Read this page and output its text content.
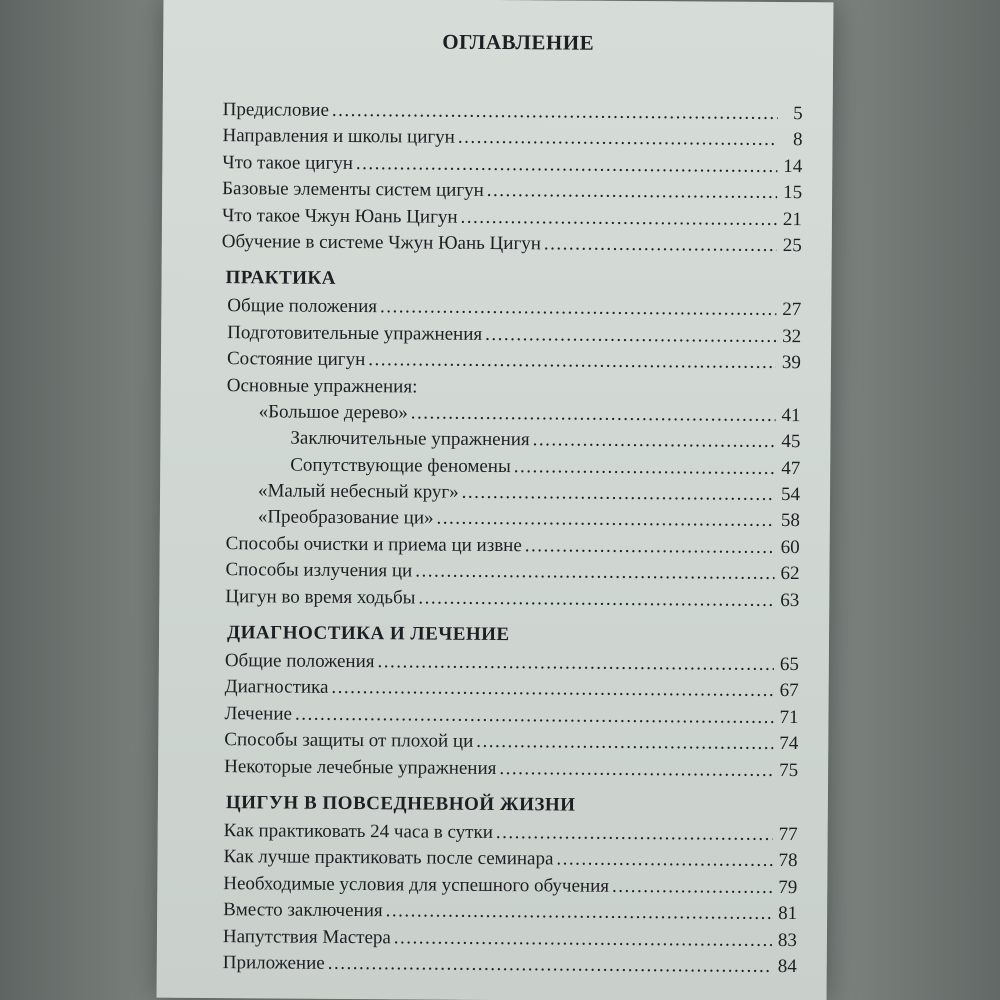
ОГЛАВЛЕНИЕ
Предисловие .....	5
Направления и школы цигун .....	8
Что такое цигун .....	14
Базовые элементы систем цигун .....	15
Что такое Чжун Юань Цигун .....	21
Обучение в системе Чжун Юань Цигун .....	25
ПРАКТИКА
Общие положения .....	27
Подготовительные упражнения .....	32
Состояние цигун .....	39
Основные упражнения:
«Большое дерево» .....	41
Заключительные упражнения .....	45
Сопутствующие феномены .....	47
«Малый небесный круг» .....	54
«Преобразование ци» .....	58
Способы очистки и приема ци извне .....	60
Способы излучения ци .....	62
Цигун во время ходьбы .....	63
ДИАГНОСТИКА И ЛЕЧЕНИЕ
Общие положения .....	65
Диагностика .....	67
Лечение .....	71
Способы защиты от плохой ци .....	74
Некоторые лечебные упражнения .....	75
ЦИГУН В ПОВСЕДНЕВНОЙ ЖИЗНИ
Как практиковать 24 часа в сутки .....	77
Как лучше практиковать после семинара .....	78
Необходимые условия для успешного обучения .....	79
Вместо заключения .....	81
Напутствия Мастера .....	83
Приложение .....	84
